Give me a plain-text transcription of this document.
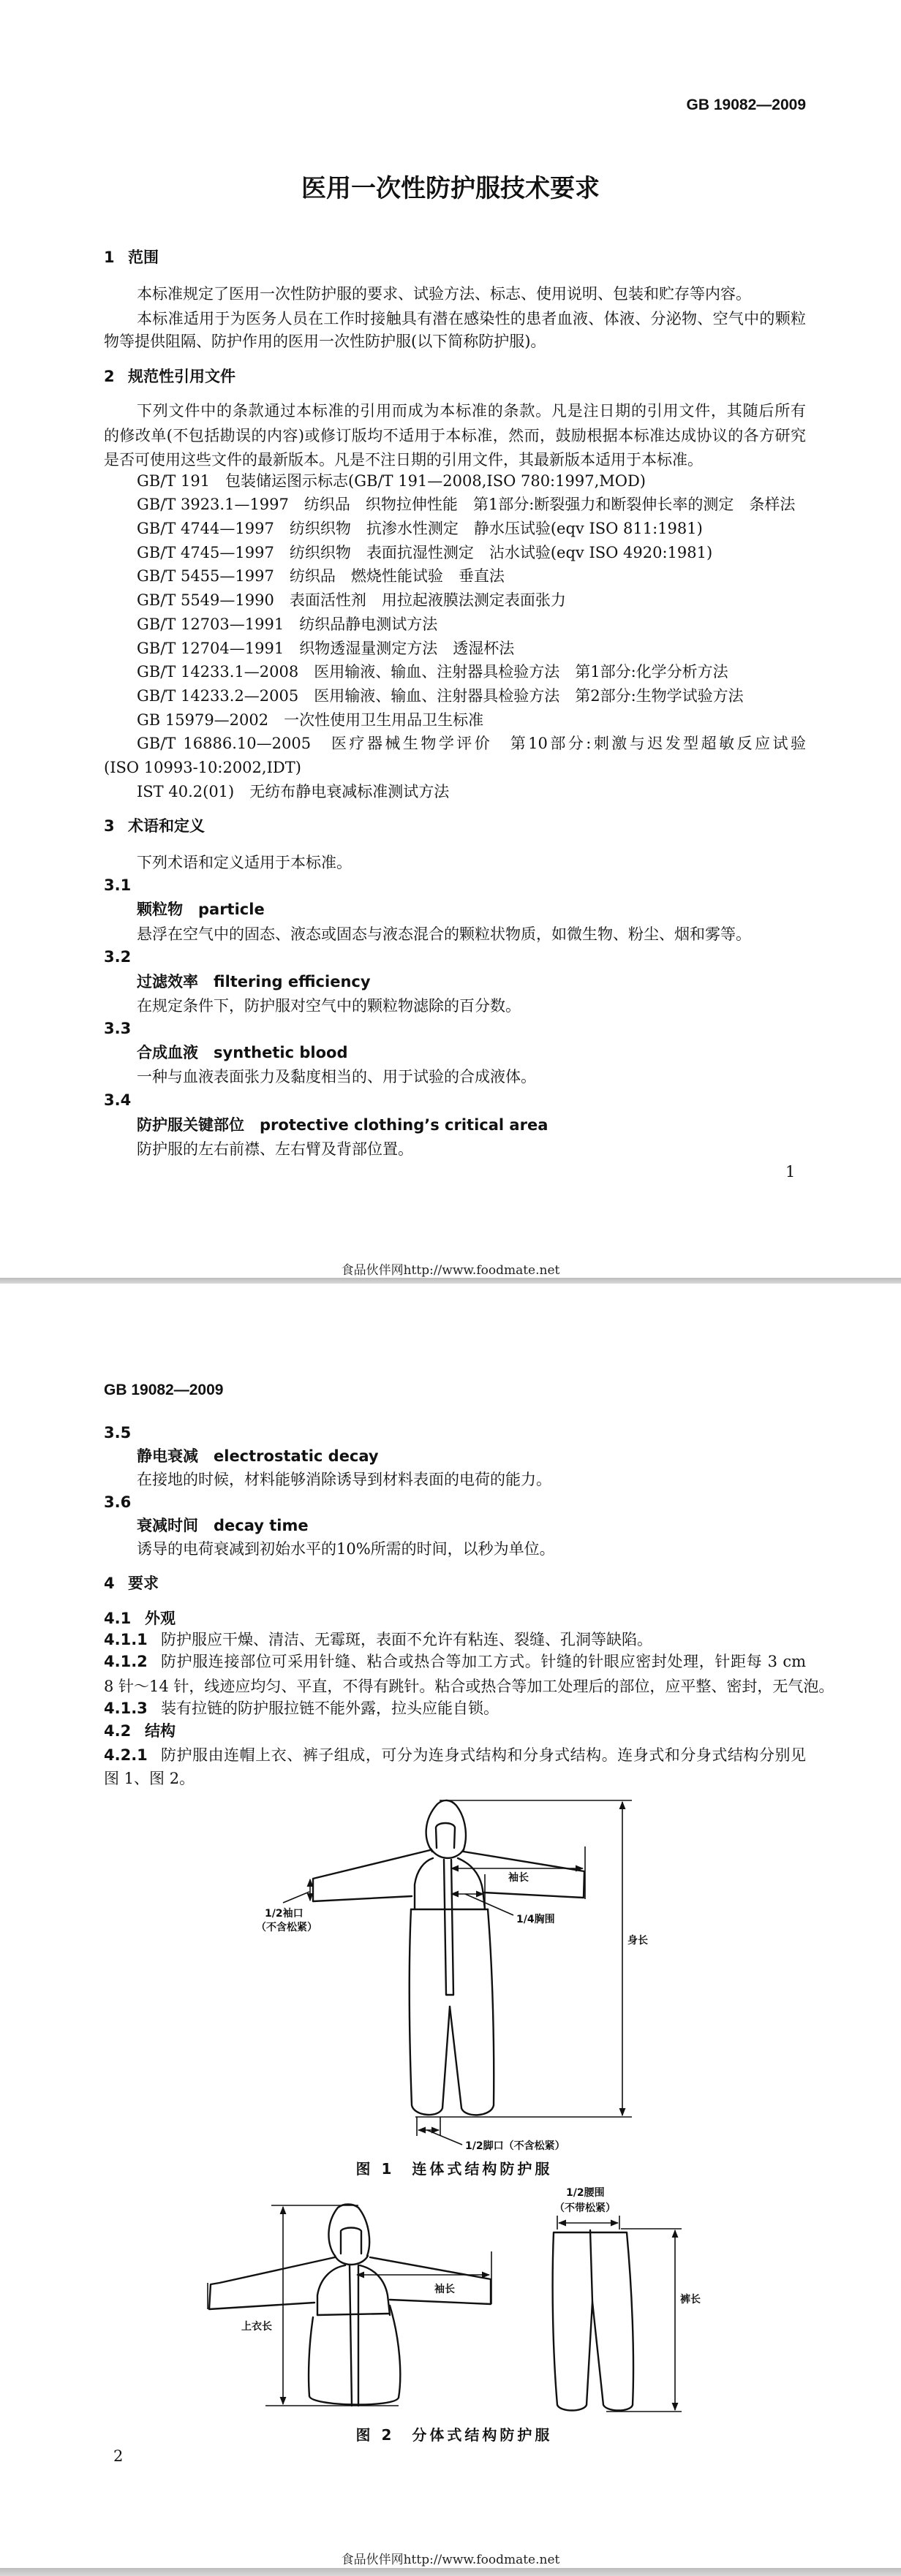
GB 19082—2009
医用一次性防护服技术要求
1 范围
本标准规定了医用一次性防护服的要求、试验方法、标志、使用说明、包装和贮存等内容。
本标准适用于为医务人员在工作时接触具有潜在感染性的患者血液、体液、分泌物、空气中的颗粒
物等提供阻隔、防护作用的医用一次性防护服(以下简称防护服)。
2 规范性引用文件
下列文件中的条款通过本标准的引用而成为本标准的条款。凡是注日期的引用文件，其随后所有
的修改单(不包括勘误的内容)或修订版均不适用于本标准，然而，鼓励根据本标准达成协议的各方研究
是否可使用这些文件的最新版本。凡是不注日期的引用文件，其最新版本适用于本标准。
GB/T 191　包装储运图示标志(GB/T 191—2008,ISO 780:1997,MOD)
GB/T 3923.1—1997　纺织品　织物拉伸性能　第1部分:断裂强力和断裂伸长率的测定　条样法
GB/T 4744—1997　纺织织物　抗渗水性测定　静水压试验(eqv ISO 811:1981)
GB/T 4745—1997　纺织织物　表面抗湿性测定　沾水试验(eqv ISO 4920:1981)
GB/T 5455—1997　纺织品　燃烧性能试验　垂直法
GB/T 5549—1990　表面活性剂　用拉起液膜法测定表面张力
GB/T 12703—1991　纺织品静电测试方法
GB/T 12704—1991　织物透湿量测定方法　透湿杯法
GB/T 14233.1—2008　医用输液、输血、注射器具检验方法　第1部分:化学分析方法
GB/T 14233.2—2005　医用输液、输血、注射器具检验方法　第2部分:生物学试验方法
GB 15979—2002　一次性使用卫生用品卫生标准
GB/T 16886.10—2005　医疗器械生物学评价　第10部分:刺激与迟发型超敏反应试验
(ISO 10993-10:2002,IDT)
IST 40.2(01)　无纺布静电衰减标准测试方法
3 术语和定义
下列术语和定义适用于本标准。
3.1
颗粒物　particle
悬浮在空气中的固态、液态或固态与液态混合的颗粒状物质，如微生物、粉尘、烟和雾等。
3.2
过滤效率　filtering efficiency
在规定条件下，防护服对空气中的颗粒物滤除的百分数。
3.3
合成血液　synthetic blood
一种与血液表面张力及黏度相当的、用于试验的合成液体。
3.4
防护服关键部位　protective clothing’s critical area
防护服的左右前襟、左右臂及背部位置。
1
食品伙伴网http://www.foodmate.net
GB 19082—2009
3.5
静电衰减　electrostatic decay
在接地的时候，材料能够消除诱导到材料表面的电荷的能力。
3.6
衰减时间　decay time
诱导的电荷衰减到初始水平的10%所需的时间，以秒为单位。
4 要求
4.1 外观
4.1.1 防护服应干燥、清洁、无霉斑，表面不允许有粘连、裂缝、孔洞等缺陷。
4.1.2 防护服连接部位可采用针缝、粘合或热合等加工方式。针缝的针眼应密封处理，针距每 3 cm
8 针～14 针，线迹应均匀、平直，不得有跳针。粘合或热合等加工处理后的部位，应平整、密封，无气泡。
4.1.3 装有拉链的防护服拉链不能外露，拉头应能自锁。
4.2 结构
4.2.1 防护服由连帽上衣、裤子组成，可分为连身式结构和分身式结构。连身式和分身式结构分别见
图 1、图 2。
1/2袖口
（不含松紧）
袖长
1/4胸围
身长
1/2脚口（不含松紧）
图 1　连体式结构防护服
上衣长
袖长
1/2腰围
（不带松紧）
裤长
图 2　分体式结构防护服
2
食品伙伴网http://www.foodmate.net
